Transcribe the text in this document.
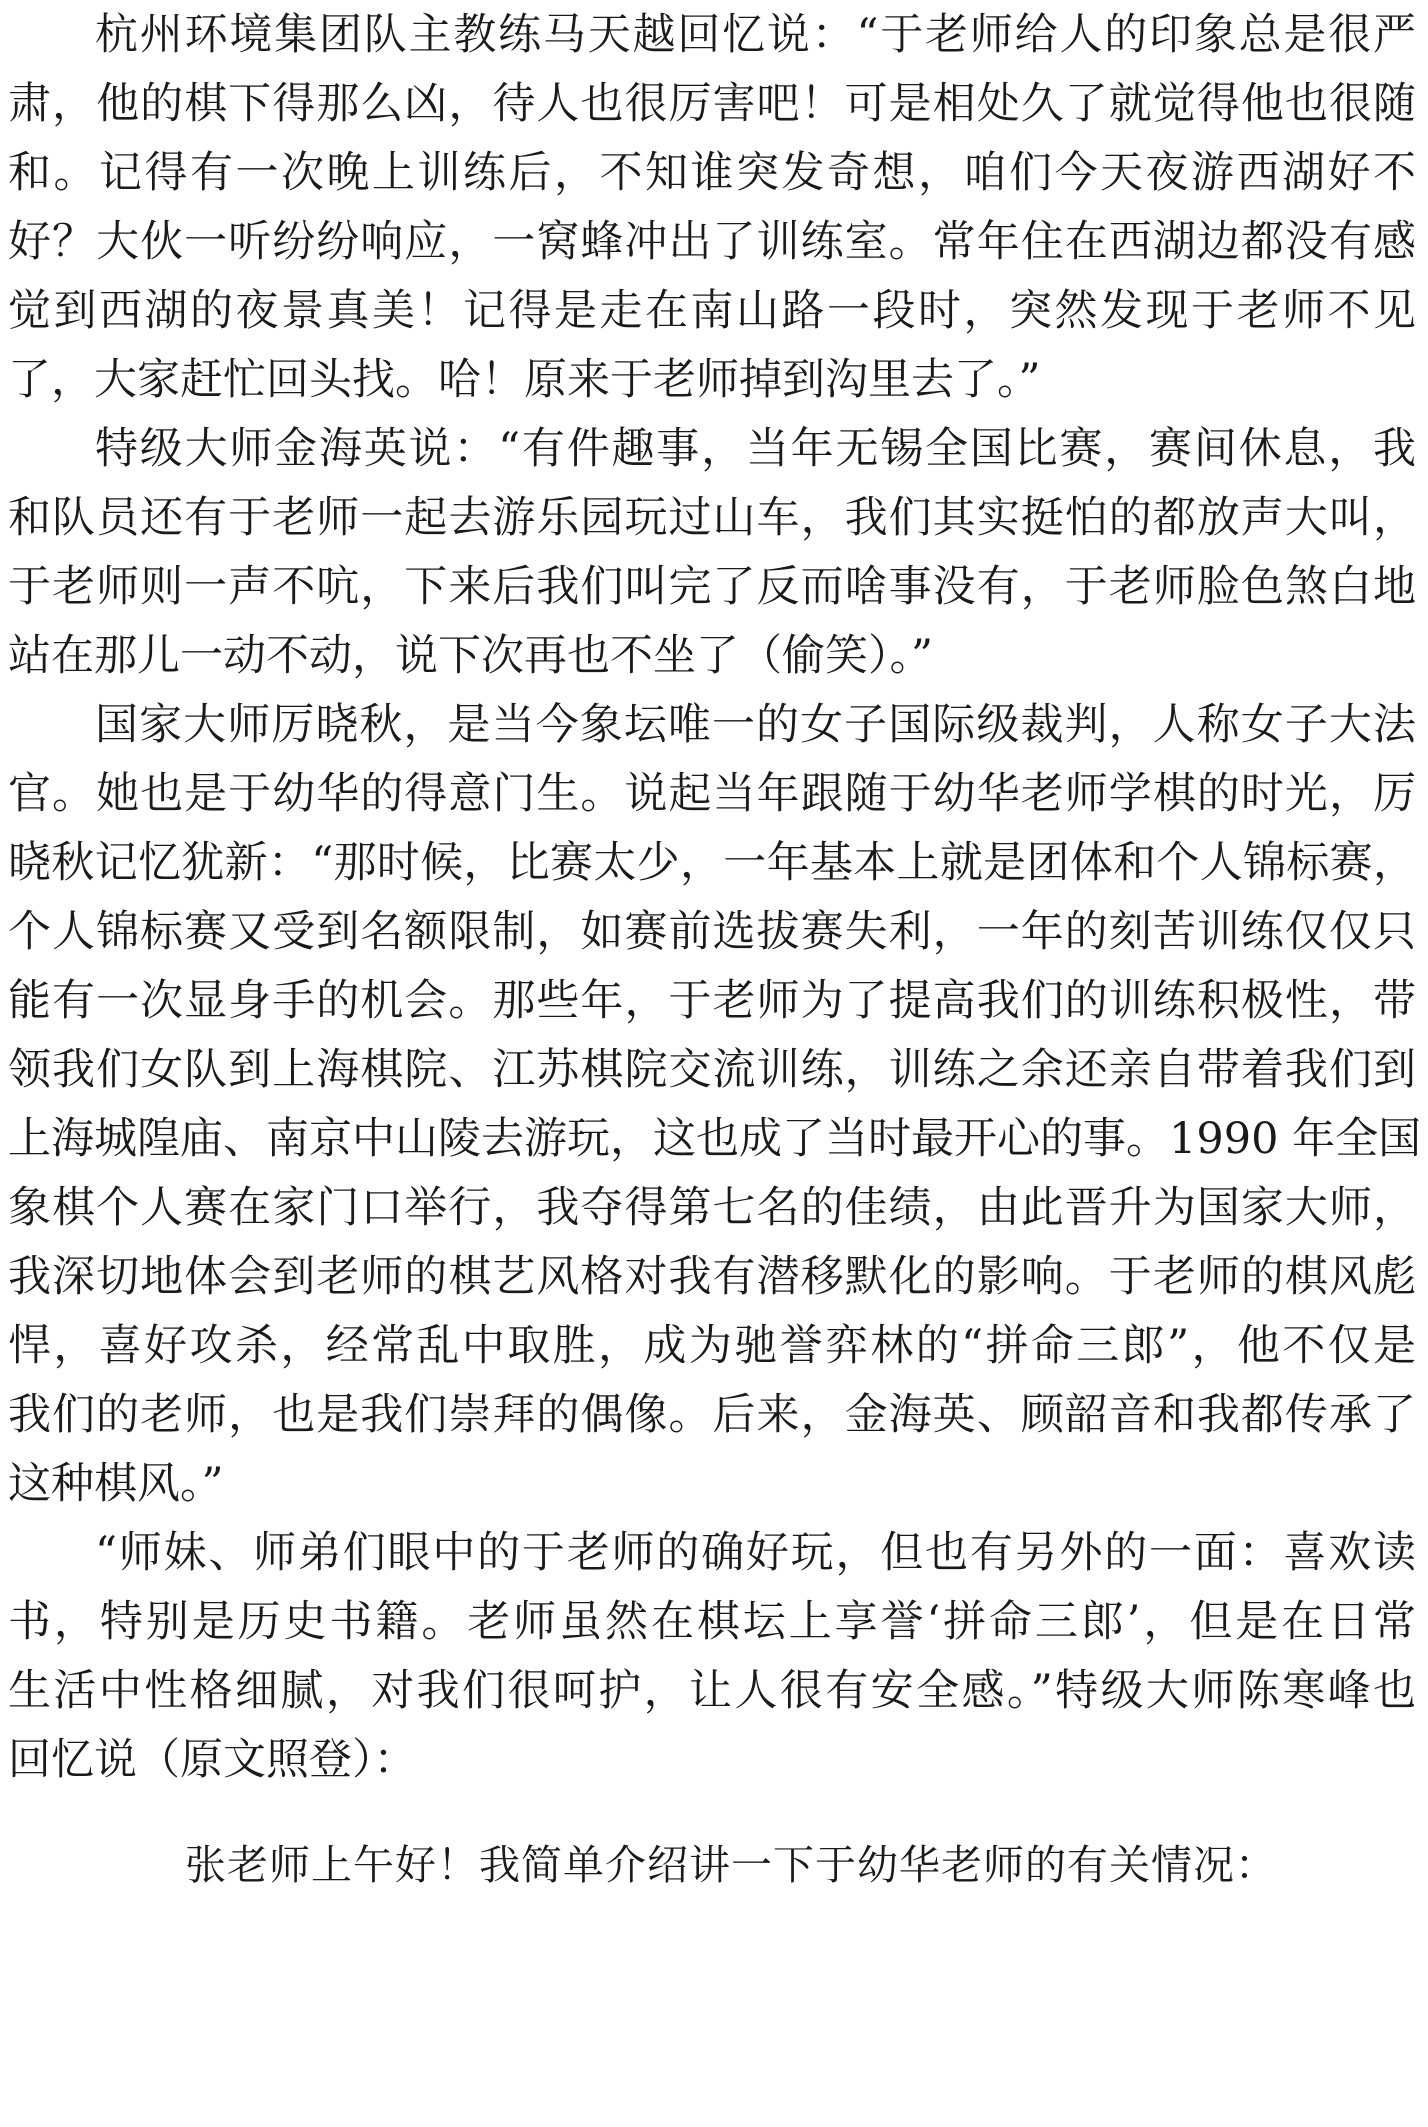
杭州环境集团队主教练马天越回忆说：“于老师给人的印象总是很严
肃，他的棋下得那么凶，待人也很厉害吧！可是相处久了就觉得他也很随
和。记得有一次晚上训练后，不知谁突发奇想，咱们今天夜游西湖好不
好？大伙一听纷纷响应，一窝蜂冲出了训练室。常年住在西湖边都没有感
觉到西湖的夜景真美！记得是走在南山路一段时，突然发现于老师不见
了，大家赶忙回头找。哈！原来于老师掉到沟里去了。”
特级大师金海英说：“有件趣事，当年无锡全国比赛，赛间休息，我
和队员还有于老师一起去游乐园玩过山车，我们其实挺怕的都放声大叫，
于老师则一声不吭，下来后我们叫完了反而啥事没有，于老师脸色煞白地
站在那儿一动不动，说下次再也不坐了（偷笑）。”
国家大师厉晓秋，是当今象坛唯一的女子国际级裁判，人称女子大法
官。她也是于幼华的得意门生。说起当年跟随于幼华老师学棋的时光，厉
晓秋记忆犹新：“那时候，比赛太少，一年基本上就是团体和个人锦标赛，
个人锦标赛又受到名额限制，如赛前选拔赛失利，一年的刻苦训练仅仅只
能有一次显身手的机会。那些年，于老师为了提高我们的训练积极性，带
领我们女队到上海棋院、江苏棋院交流训练，训练之余还亲自带着我们到
上海城隍庙、南京中山陵去游玩，这也成了当时最开心的事。1990 年全国
象棋个人赛在家门口举行，我夺得第七名的佳绩，由此晋升为国家大师，
我深切地体会到老师的棋艺风格对我有潜移默化的影响。于老师的棋风彪
悍，喜好攻杀，经常乱中取胜，成为驰誉弈林的“拼命三郎”，他不仅是
我们的老师，也是我们崇拜的偶像。后来，金海英、顾韶音和我都传承了
这种棋风。”
“师妹、师弟们眼中的于老师的确好玩，但也有另外的一面：喜欢读
书，特别是历史书籍。老师虽然在棋坛上享誉‘拼命三郎’，但是在日常
生活中性格细腻，对我们很呵护，让人很有安全感。”特级大师陈寒峰也
回忆说（原文照登）：
张老师上午好！我简单介绍讲一下于幼华老师的有关情况：
